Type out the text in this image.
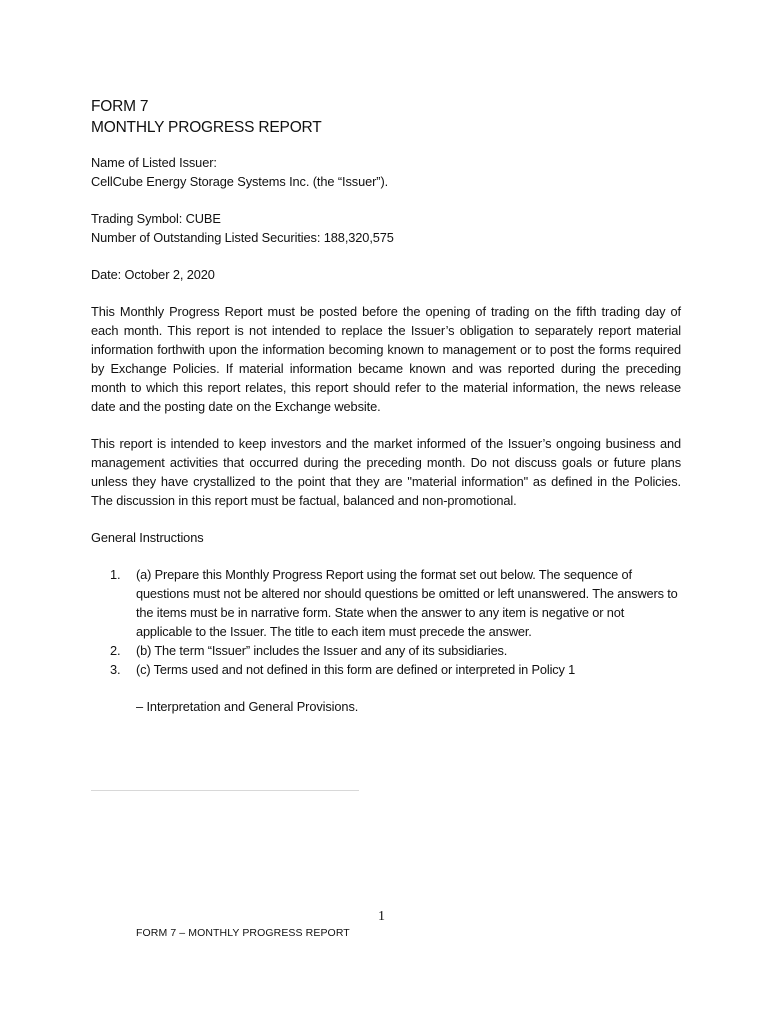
FORM 7

MONTHLY PROGRESS REPORT

Name of Listed Issuer:

CellCube Energy Storage Systems Inc. (the “Issuer”).

Trading Symbol: CUBE

Number of Outstanding Listed Securities: 188,320,575

Date: October 2, 2020

This Monthly Progress Report must be posted before the opening of trading on the fifth trading day of each month. This report is not intended to replace the Issuer’s obligation to separately report material information forthwith upon the information becoming known to management or to post the forms required by Exchange Policies. If material information became known and was reported during the preceding month to which this report relates, this report should refer to the material information, the news release date and the posting date on the Exchange website.

This report is intended to keep investors and the market informed of the Issuer’s ongoing business and management activities that occurred during the preceding month. Do not discuss goals or future plans unless they have crystallized to the point that they are "material information" as defined in the Policies. The discussion in this report must be factual, balanced and non-promotional.

General Instructions

1. (a) Prepare this Monthly Progress Report using the format set out below. The sequence of questions must not be altered nor should questions be omitted or left unanswered. The answers to the items must be in narrative form. State when the answer to any item is negative or not applicable to the Issuer. The title to each item must precede the answer.
2. (b) The term “Issuer” includes the Issuer and any of its subsidiaries.
3. (c) Terms used and not defined in this form are defined or interpreted in Policy 1

– Interpretation and General Provisions.

1
FORM 7 – MONTHLY PROGRESS REPORT
